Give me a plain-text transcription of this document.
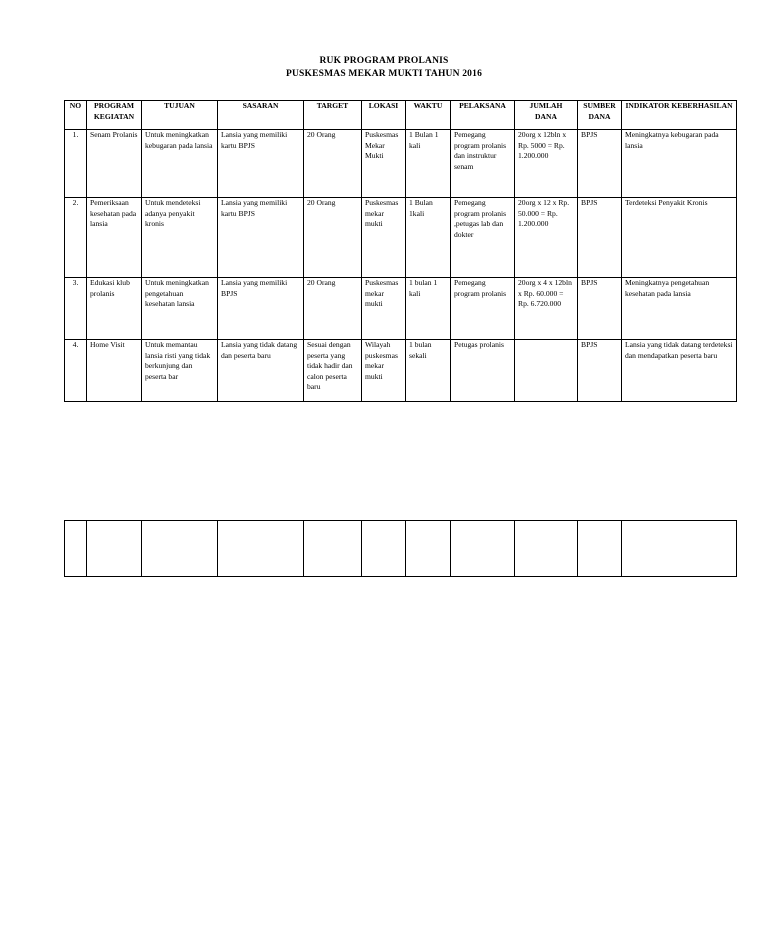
RUK PROGRAM PROLANIS
PUSKESMAS MEKAR MUKTI TAHUN 2016
NO	PROGRAM KEGIATAN	TUJUAN	SASARAN	TARGET	LOKASI	WAKTU	PELAKSANA	JUMLAH DANA	SUMBER DANA	INDIKATOR KEBERHASILAN
1.	Senam Prolanis	Untuk meningkatkan kebugaran pada lansia	Lansia yang memiliki kartu BPJS	20 Orang	Puskesmas Mekar Mukti	1 Bulan 1 kali	Pemegang program prolanis dan instruktur senam	20org x 12bln x Rp. 5000 = Rp. 1.200.000	BPJS	Meningkatnya kebugaran pada lansia
2.	Pemeriksaan kesehatan pada lansia	Untuk mendeteksi adanya penyakit kronis	Lansia yang memiliki kartu BPJS	20 Orang	Puskesmas mekar mukti	1 Bulan 1kali	Pemegang program prolanis ,petugas lab dan dokter	20org x 12 x Rp. 50.000 = Rp. 1.200.000	BPJS	Terdeteksi Penyakit Kronis
3.	Edukasi klub prolanis	Untuk meningkatkan pengetahuan kesehatan lansia	Lansia yang memiliki BPJS	20 Orang	Puskesmas mekar mukti	1 bulan 1 kali	Pemegang program prolanis	20org x 4 x 12bln x Rp. 60.000 = Rp. 6.720.000	BPJS	Meningkatnya pengetahuan kesehatan pada lansia
4.	Home Visit	Untuk memantau lansia risti yang tidak berkunjung dan peserta bar	Lansia yang tidak datang dan peserta baru	Sesuai dengan peserta yang tidak hadir dan calon peserta baru	Wilayah puskesmas mekar mukti	1 bulan sekali	Petugas prolanis		BPJS	Lansia yang tidak datang terdeteksi dan mendapatkan peserta baru
